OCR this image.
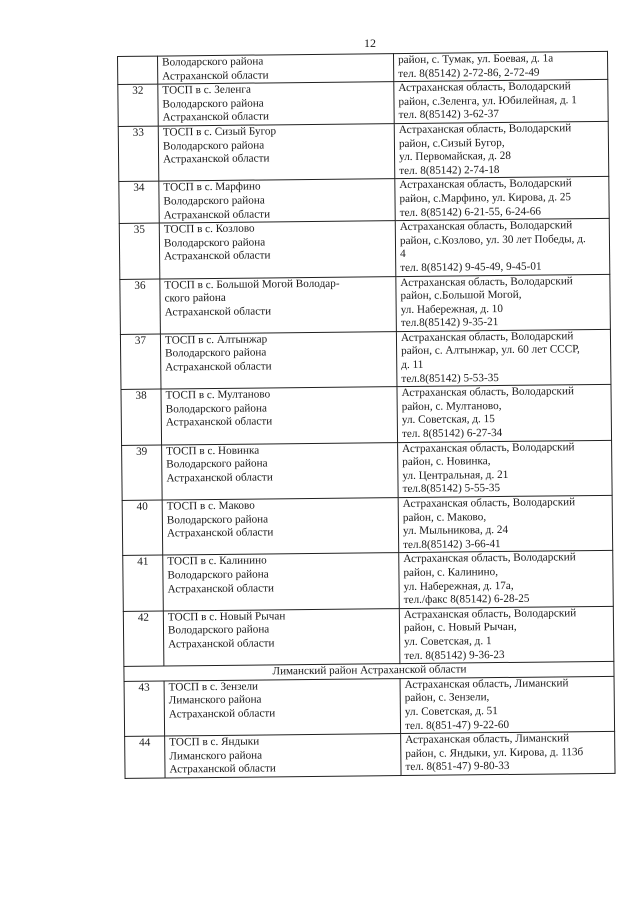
12

	Володарского района
Астраханской области	район, с. Тумак, ул. Боевая, д. 1а
тел. 8(85142) 2-72-86, 2-72-49

32	ТОСП в с. Зеленга
Володарского района
Астраханской области	Астраханская область, Володарский
район, с.Зеленга, ул. Юбилейная, д. 1
тел. 8(85142) 3-62-37

33	ТОСП в с. Сизый Бугор
Володарского района
Астраханской области	Астраханская область, Володарский
район, с.Сизый Бугор,
ул. Первомайская, д. 28
тел. 8(85142) 2-74-18

34	ТОСП в с. Марфино
Володарского района
Астраханской области	Астраханская область, Володарский
район, с.Марфино, ул. Кирова, д. 25
тел. 8(85142) 6-21-55, 6-24-66

35	ТОСП в с. Козлово
Володарского района
Астраханской области	Астраханская область, Володарский
район, с.Козлово, ул. 30 лет Победы, д.
4
тел. 8(85142) 9-45-49, 9-45-01

36	ТОСП в с. Большой Могой Володар-
ского района
Астраханской области	Астраханская область, Володарский
район, с.Большой Могой,
ул. Набережная, д. 10
тел.8(85142) 9-35-21

37	ТОСП в с. Алтынжар
Володарского района
Астраханской области	Астраханская область, Володарский
район, с. Алтынжар, ул. 60 лет СССР,
д. 11
тел.8(85142) 5-53-35

38	ТОСП в с. Мултаново
Володарского района
Астраханской области	Астраханская область, Володарский
район, с. Мултаново,
ул. Советская, д. 15
тел. 8(85142) 6-27-34

39	ТОСП в с. Новинка
Володарского района
Астраханской области	Астраханская область, Володарский
район, с. Новинка,
ул. Центральная, д. 21
тел.8(85142) 5-55-35

40	ТОСП в с. Маково
Володарского района
Астраханской области	Астраханская область, Володарский
район, с. Маково,
ул. Мыльникова, д. 24
тел.8(85142) 3-66-41

41	ТОСП в с. Калинино
Володарского района
Астраханской области	Астраханская область, Володарский
район, с. Калинино,
ул. Набережная, д. 17а,
тел./факс 8(85142) 6-28-25

42	ТОСП в с. Новый Рычан
Володарского района
Астраханской области	Астраханская область, Володарский
район, с. Новый Рычан,
ул. Советская, д. 1
тел. 8(85142) 9-36-23

Лиманский район Астраханской области		
43	ТОСП в с. Зензели
Лиманского района
Астраханской области	Астраханская область, Лиманский
район, с. Зензели,
ул. Советская, д. 51
тел. 8(851-47) 9-22-60

44	ТОСП в с. Яндыки
Лиманского района
Астраханской области	Астраханская область, Лиманский
район, с. Яндыки, ул. Кирова, д. 113б
тел. 8(851-47) 9-80-33
